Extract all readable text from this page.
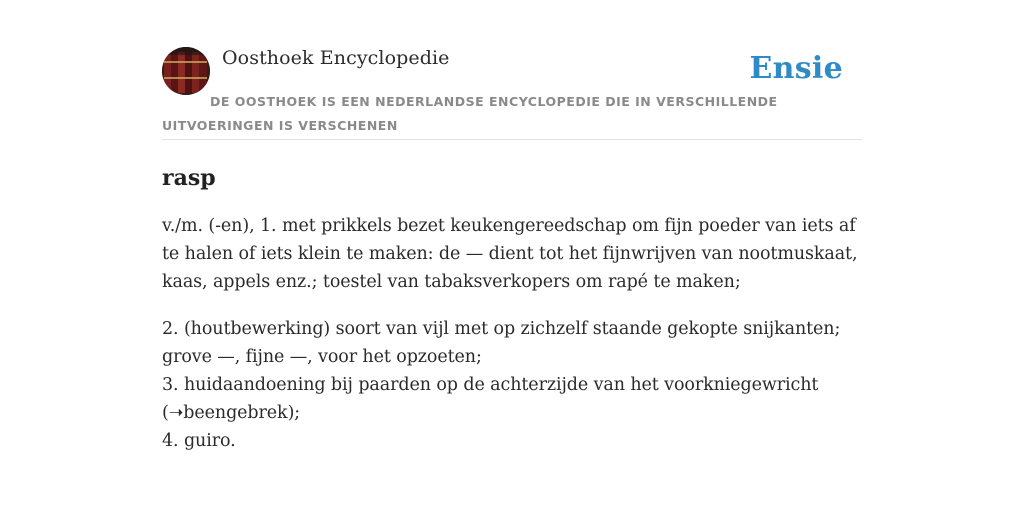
Oosthoek Encyclopedie	Ensie
DE OOSTHOEK IS EEN NEDERLANDSE ENCYCLOPEDIE DIE IN VERSCHILLENDE UITVOERINGEN IS VERSCHENEN
rasp

v./m. (-en), 1. met prikkels bezet keukengereedschap om fijn poeder van iets af te halen of iets klein te maken: de — dient tot het fijnwrijven van nootmuskaat, kaas, appels enz.; toestel van tabaksverkopers om rapé te maken;

2. (houtbewerking) soort van vijl met op zichzelf staande gekopte snijkanten; grove —, fijne —, voor het opzoeten;
3. huidaandoening bij paarden op de achterzijde van het voorkniegewricht (➝beengebrek);
4. guiro.
